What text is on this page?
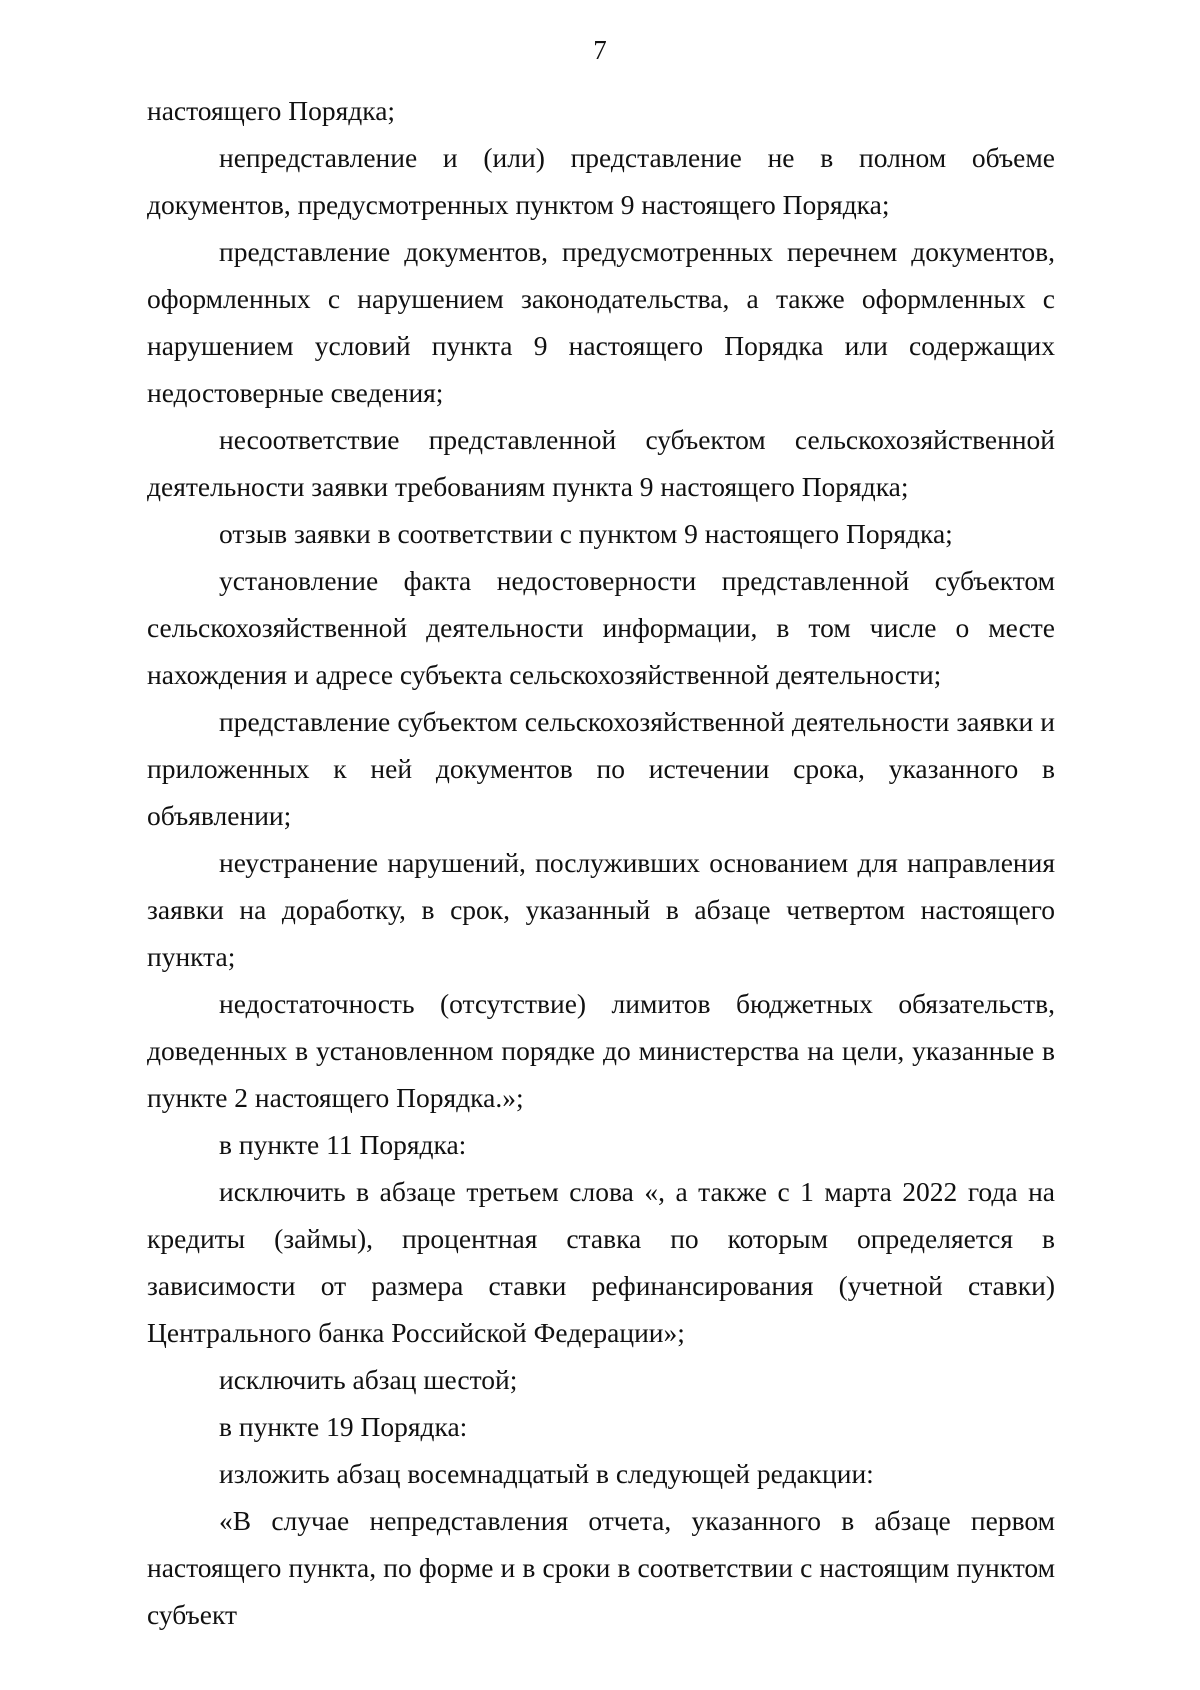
7

настоящего Порядка;

непредставление и (или) представление не в полном объеме документов, предусмотренных пунктом 9 настоящего Порядка;

представление документов, предусмотренных перечнем документов, оформленных с нарушением законодательства, а также оформленных с нарушением условий пункта 9 настоящего Порядка или содержащих недостоверные сведения;

несоответствие представленной субъектом сельскохозяйственной деятельности заявки требованиям пункта 9 настоящего Порядка;

отзыв заявки в соответствии с пунктом 9 настоящего Порядка;

установление факта недостоверности представленной субъектом сельскохозяйственной деятельности информации, в том числе о месте нахождения и адресе субъекта сельскохозяйственной деятельности;

представление субъектом сельскохозяйственной деятельности заявки и приложенных к ней документов по истечении срока, указанного в объявлении;

неустранение нарушений, послуживших основанием для направления заявки на доработку, в срок, указанный в абзаце четвертом настоящего пункта;

недостаточность (отсутствие) лимитов бюджетных обязательств, доведенных в установленном порядке до министерства на цели, указанные в пункте 2 настоящего Порядка.»;

в пункте 11 Порядка:

исключить в абзаце третьем слова «, а также с 1 марта 2022 года на кредиты (займы), процентная ставка по которым определяется в зависимости от размера ставки рефинансирования (учетной ставки) Центрального банка Российской Федерации»;

исключить абзац шестой;

в пункте 19 Порядка:

изложить абзац восемнадцатый в следующей редакции:

«В случае непредставления отчета, указанного в абзаце первом настоящего пункта, по форме и в сроки в соответствии с настоящим пунктом субъект
